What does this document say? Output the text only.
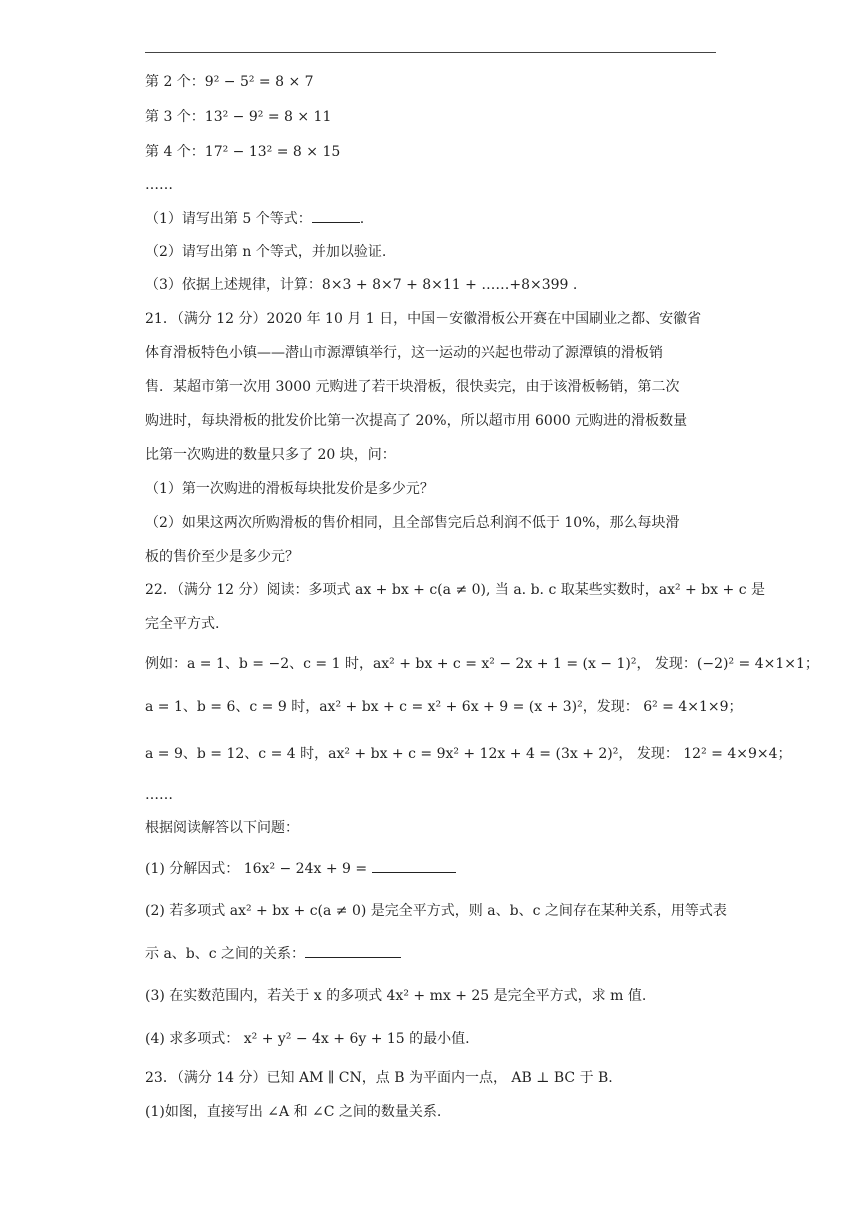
第 2 个：9² − 5² = 8 × 7
第 3 个：13² − 9² = 8 × 11
第 4 个：17² − 13² = 8 × 15
……
（1）请写出第 5 个等式：	.
（2）请写出第 n 个等式，并加以验证.
（3）依据上述规律，计算：8×3 + 8×7 + 8×11 + ……+8×399 .
21．（满分 12 分）2020 年 10 月 1 日，中国－安徽滑板公开赛在中国刷业之都、安徽省
体育滑板特色小镇——潜山市源潭镇举行，这一运动的兴起也带动了源潭镇的滑板销
售．某超市第一次用 3000 元购进了若干块滑板，很快卖完，由于该滑板畅销，第二次
购进时，每块滑板的批发价比第一次提高了 20%，所以超市用 6000 元购进的滑板数量
比第一次购进的数量只多了 20 块，问：
（1）第一次购进的滑板每块批发价是多少元？
（2）如果这两次所购滑板的售价相同，且全部售完后总利润不低于 10%，那么每块滑
板的售价至少是多少元？
22．（满分 12 分）阅读：多项式 ax + bx + c(a ≠ 0), 当 a. b. c 取某些实数时，ax² + bx + c 是
完全平方式.
例如：a = 1、b = −2、c = 1 时，ax² + bx + c = x² − 2x + 1 = (x − 1)²， 发现：(−2)² = 4×1×1；
a = 1、b = 6、c = 9 时，ax² + bx + c = x² + 6x + 9 = (x + 3)²，发现： 6² = 4×1×9；
a = 9、b = 12、c = 4 时，ax² + bx + c = 9x² + 12x + 4 = (3x + 2)²， 发现： 12² = 4×9×4；
……
根据阅读解答以下问题：
(1) 分解因式： 16x² − 24x + 9 =
(2) 若多项式 ax² + bx + c(a ≠ 0) 是完全平方式，则 a、b、c 之间存在某种关系，用等式表
示 a、b、c 之间的关系：
(3) 在实数范围内，若关于 x 的多项式 4x² + mx + 25 是完全平方式，求 m 值.
(4) 求多项式： x² + y² − 4x + 6y + 15 的最小值.
23．（满分 14 分）已知 AM ∥ CN，点 B 为平面内一点， AB ⊥ BC 于 B.
(1)如图，直接写出 ∠A 和 ∠C 之间的数量关系.
